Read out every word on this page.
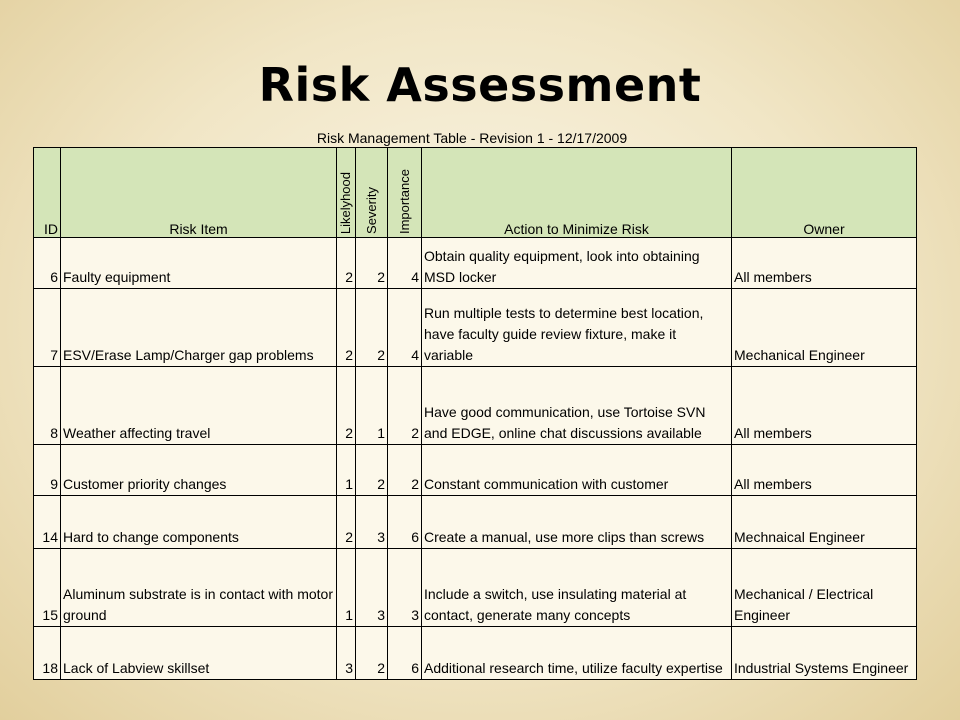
Risk Assessment
Risk Management Table - Revision 1 - 12/17/2009
ID	Risk Item	Likelyhood	Severity	Importance	Action to Minimize Risk	Owner
6	Faulty equipment	2	2	4	Obtain quality equipment, look into obtaining MSD locker	All members
7	ESV/Erase Lamp/Charger gap problems	2	2	4	Run multiple tests to determine best location, have faculty guide review fixture, make it variable	Mechanical Engineer
8	Weather affecting travel	2	1	2	Have good communication, use Tortoise SVN and EDGE, online chat discussions available	All members
9	Customer priority changes	1	2	2	Constant communication with customer	All members
14	Hard to change components	2	3	6	Create a manual, use more clips than screws	Mechnaical Engineer
15	Aluminum substrate is in contact with motor ground	1	3	3	Include a switch, use insulating material at contact, generate many concepts	Mechanical / Electrical Engineer
18	Lack of Labview skillset	3	2	6	Additional research time, utilize faculty expertise	Industrial Systems Engineer
